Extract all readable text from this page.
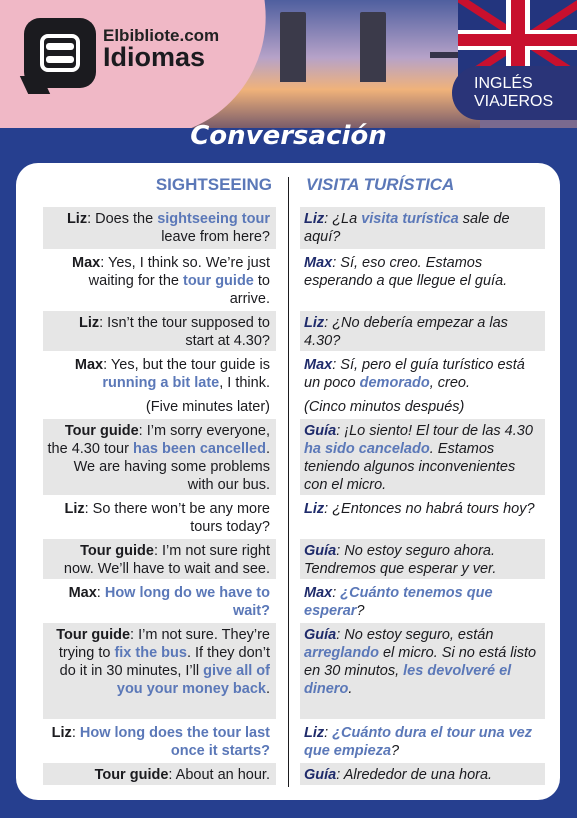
INGLÉS
VIAJEROS
Elbibliote.com
Idiomas
Conversación
SIGHTSEEING VISITA TURÍSTICA
Liz: Does the sightseeing tour leave from here?
Liz: ¿La visita turística sale de aquí?
Max: Yes, I think so. We’re just waiting for the tour guide to arrive.
Max: Sí, eso creo. Estamos esperando a que llegue el guía.
Liz: Isn’t the tour supposed to start at 4.30?
Liz: ¿No debería empezar a las 4.30?
Max: Yes, but the tour guide is running a bit late, I think.
Max: Sí, pero el guía turístico está un poco demorado, creo.
(Five minutes later)	(Cinco minutos después)
Tour guide: I’m sorry everyone, the 4.30 tour has been cancelled. We are having some problems with our bus.
Guía: ¡Lo siento! El tour de las 4.30 ha sido cancelado. Estamos teniendo algunos inconvenientes con el micro.
Liz: So there won’t be any more tours today?
Liz: ¿Entonces no habrá tours hoy?
Tour guide: I’m not sure right now. We’ll have to wait and see.
Guía: No estoy seguro ahora. Tendremos que esperar y ver.
Max: How long do we have to wait?
Max: ¿Cuánto tenemos que esperar?
Tour guide: I’m not sure. They’re trying to fix the bus. If they don’t do it in 30 minutes, I’ll give all of you your money back.
Guía: No estoy seguro, están arreglando el micro. Si no está listo en 30 minutos, les devolveré el dinero.
Liz: How long does the tour last once it starts?
Liz: ¿Cuánto dura el tour una vez que empieza?
Tour guide: About an hour.	Guía: Alrededor de una hora.
